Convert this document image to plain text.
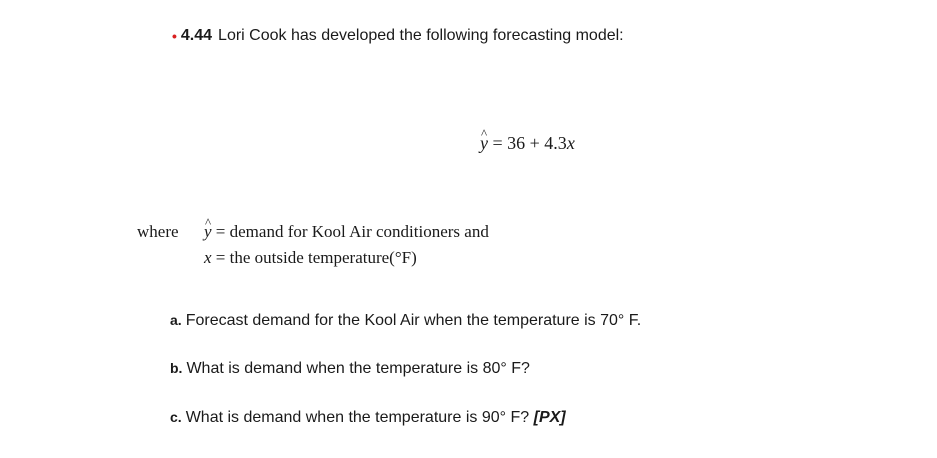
• 4.44 Lori Cook has developed the following forecasting model:
^ y = 36 + 4.3x
where
^ y = demand for Kool Air conditioners and
x = the outside temperature(°F)
a. Forecast demand for the Kool Air when the temperature is 70° F.
b. What is demand when the temperature is 80° F?
c. What is demand when the temperature is 90° F? [PX]
